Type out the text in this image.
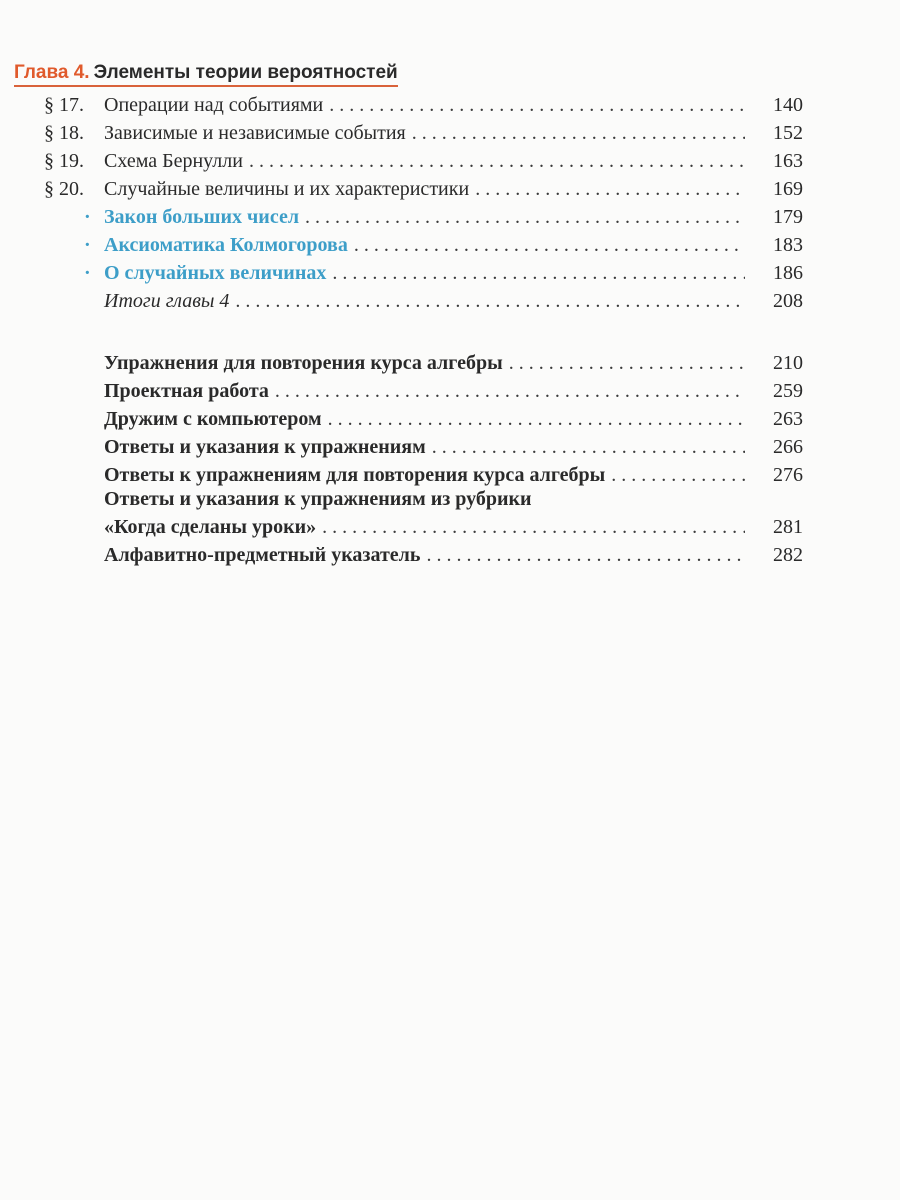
Глава 4. Элементы теории вероятностей
§ 17.	Операции над событиями . . .	140
§ 18.	Зависимые и независимые события . . .	152
§ 19.	Схема Бернулли . . .	163
§ 20.	Случайные величины и их характеристики . . .	169
· Закон больших чисел . . .	179
· Аксиоматика Колмогорова . . .	183
· О случайных величинах . . .	186
Итоги главы 4 . . .	208
Упражнения для повторения курса алгебры . . .	210
Проектная работа . . .	259
Дружим с компьютером . . .	263
Ответы и указания к упражнениям . . .	266
Ответы к упражнениям для повторения курса алгебры . . .	276
Ответы и указания к упражнениям из рубрики
«Когда сделаны уроки» . . .	281
Алфавитно-предметный указатель . . .	282
